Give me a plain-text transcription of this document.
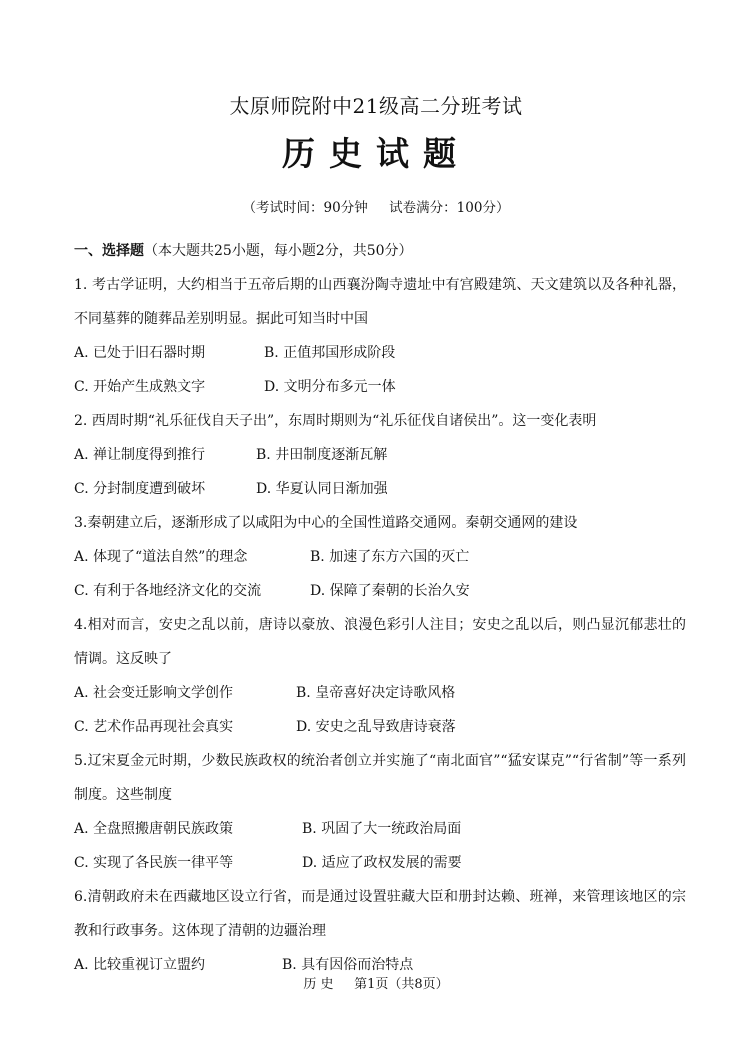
太原师院附中21级高二分班考试
历史试题
（考试时间：90分钟     试卷满分：100分）
一、选择题（本大题共25小题，每小题2分，共50分）

1. 考古学证明，大约相当于五帝后期的山西襄汾陶寺遗址中有宫殿建筑、天文建筑以及各种礼器，不同墓葬的随葬品差别明显。据此可知当时中国

A. 已处于旧石器时期	B. 正值邦国形成阶段
C. 开始产生成熟文字	D. 文明分布多元一体

2. 西周时期“礼乐征伐自天子出”，东周时期则为“礼乐征伐自诸侯出”。这一变化表明

A. 禅让制度得到推行	B. 井田制度逐渐瓦解
C. 分封制度遭到破坏	D. 华夏认同日渐加强

3.秦朝建立后，逐渐形成了以咸阳为中心的全国性道路交通网。秦朝交通网的建设

A. 体现了“道法自然”的理念	B. 加速了东方六国的灭亡
C. 有利于各地经济文化的交流	D. 保障了秦朝的长治久安

4.相对而言，安史之乱以前，唐诗以豪放、浪漫色彩引人注目；安史之乱以后，则凸显沉郁悲壮的情调。这反映了

A. 社会变迁影响文学创作	B. 皇帝喜好决定诗歌风格
C. 艺术作品再现社会真实	D. 安史之乱导致唐诗衰落

5.辽宋夏金元时期，少数民族政权的统治者创立并实施了“南北面官”“猛安谋克”“行省制”等一系列制度。这些制度

A. 全盘照搬唐朝民族政策	B. 巩固了大一统政治局面
C. 实现了各民族一律平等	D. 适应了政权发展的需要

6.清朝政府未在西藏地区设立行省，而是通过设置驻藏大臣和册封达赖、班禅，来管理该地区的宗教和行政事务。这体现了清朝的边疆治理

A. 比较重视订立盟约	B. 具有因俗而治特点
历 史     第1页（共8页）
